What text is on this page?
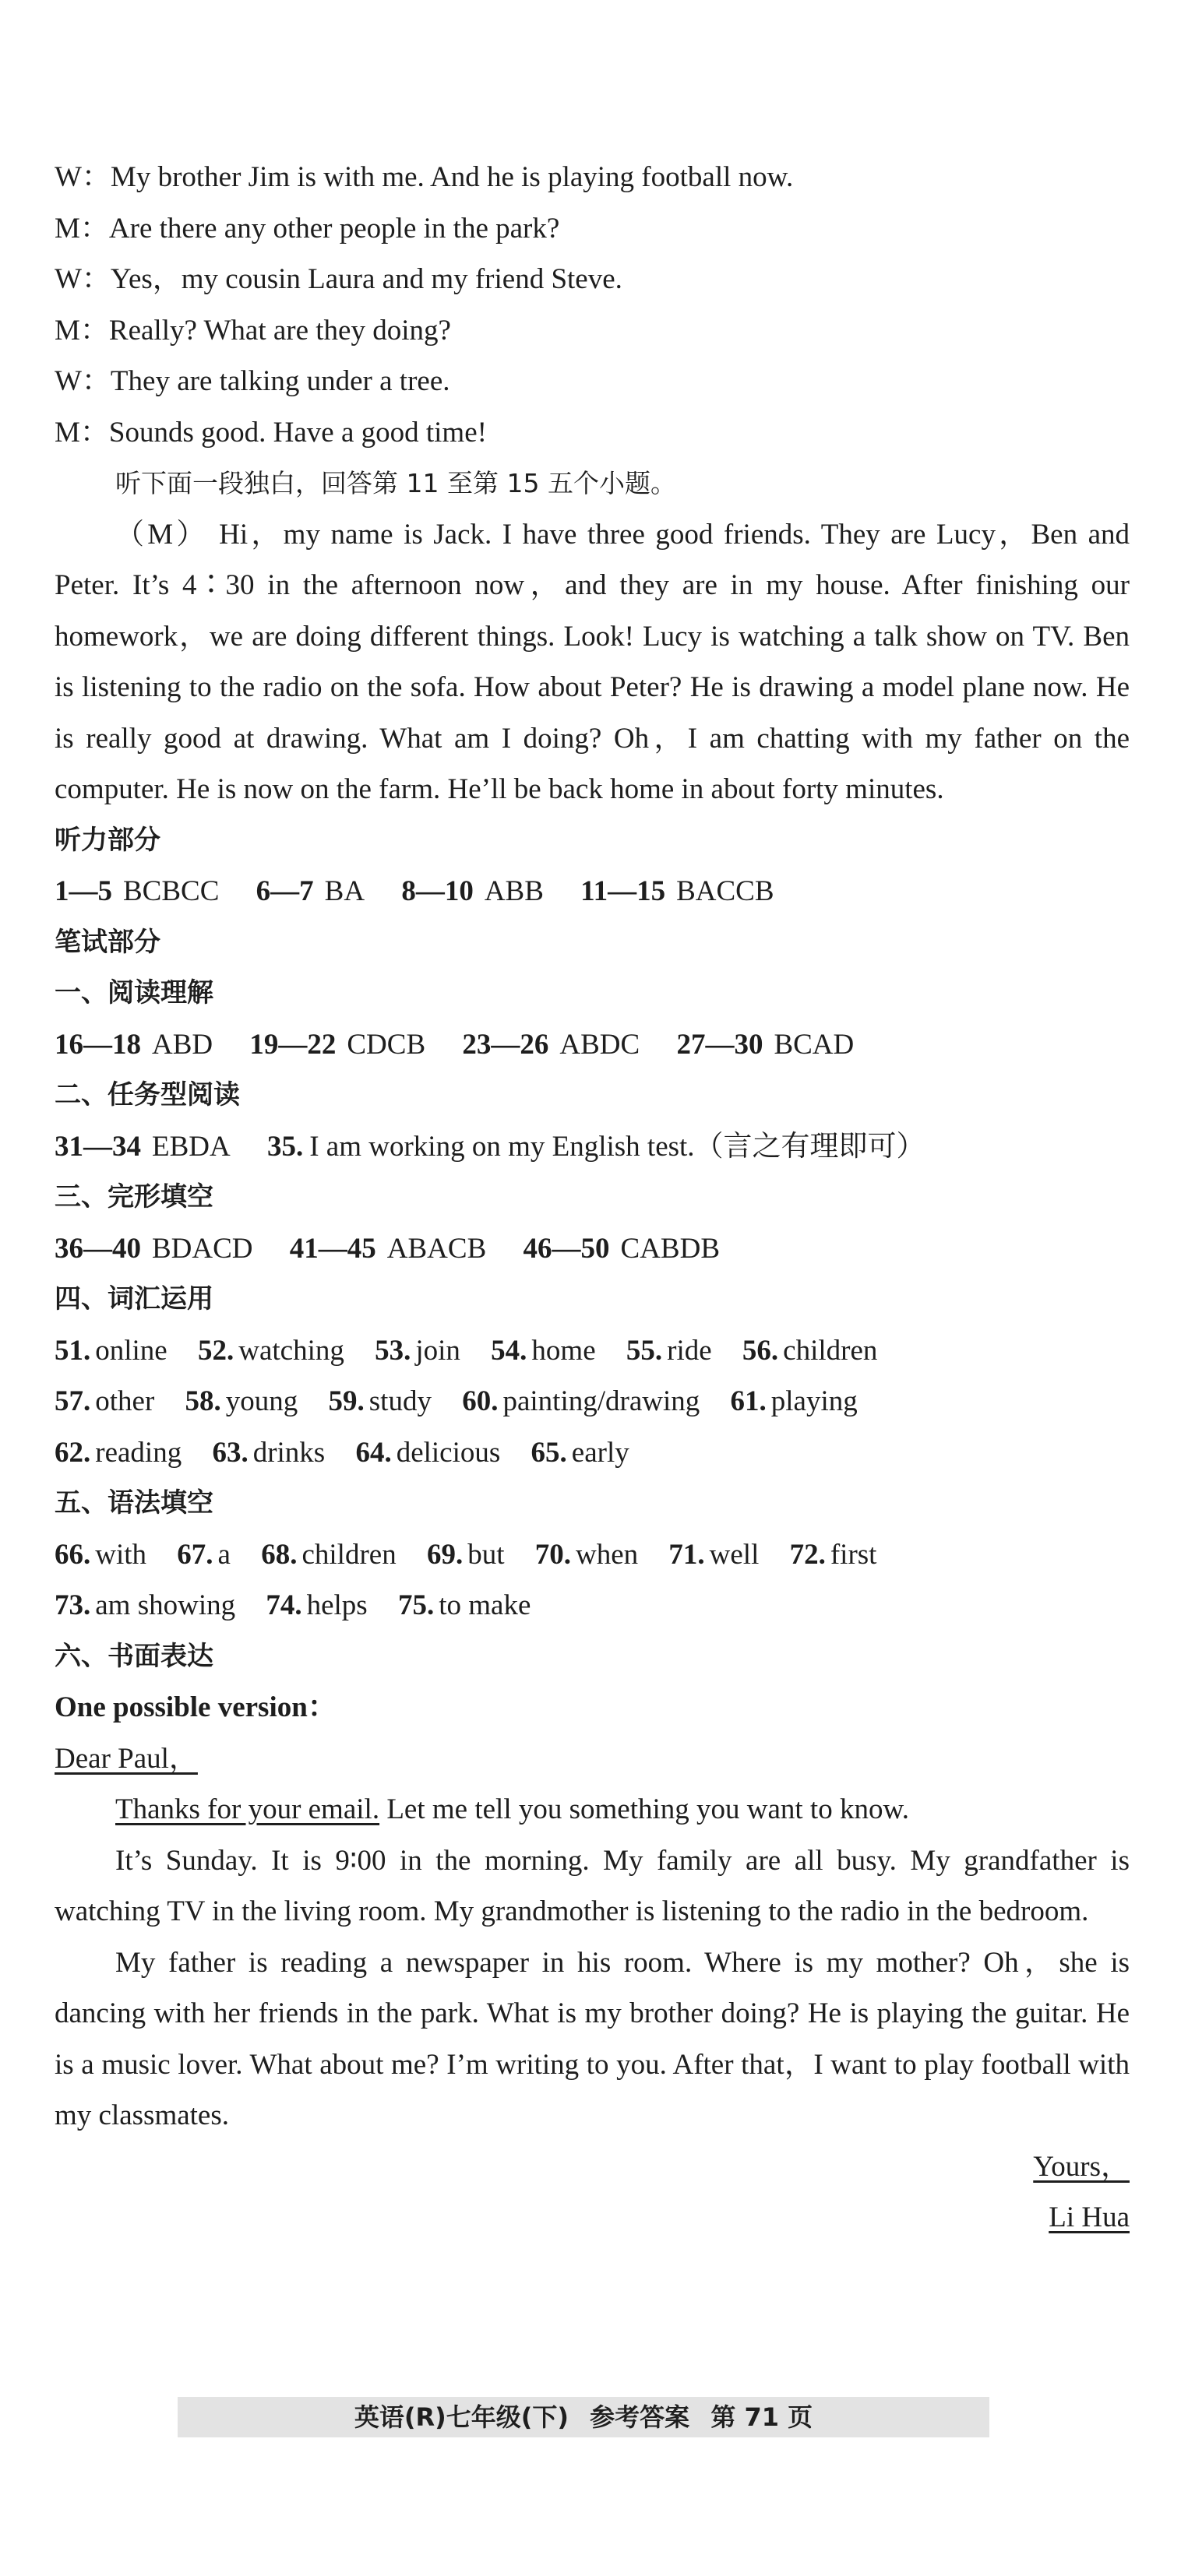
W：My brother Jim is with me. And he is playing football now.
M：Are there any other people in the park?
W：Yes，my cousin Laura and my friend Steve.
M：Really? What are they doing?
W：They are talking under a tree.
M：Sounds good. Have a good time!
听下面一段独白，回答第 11 至第 15 五个小题。
（M） Hi，my name is Jack. I have three good friends. They are Lucy，Ben and Peter. It’s 4∶30 in the afternoon now，and they are in my house. After finishing our homework，we are doing different things. Look! Lucy is watching a talk show on TV. Ben is listening to the radio on the sofa. How about Peter? He is drawing a model plane now. He is really good at drawing. What am I doing? Oh，I am chatting with my father on the computer. He is now on the farm. He’ll be back home in about forty minutes.
听力部分
1—5 BCBCC 6—7 BA 8—10 ABB 11—15 BACCB
笔试部分
一、阅读理解
16—18 ABD 19—22 CDCB 23—26 ABDC 27—30 BCAD
二、任务型阅读
31—34 EBDA 35. I am working on my English test.（言之有理即可）
三、完形填空
36—40 BDACD 41—45 ABACB 46—50 CABDB
四、词汇运用
51. online 52. watching 53. join 54. home 55. ride 56. children
57. other 58. young 59. study 60. painting/drawing 61. playing
62. reading 63. drinks 64. delicious 65. early
五、语法填空
66. with 67. a 68. children 69. but 70. when 71. well 72. first
73. am showing 74. helps 75. to make
六、书面表达
One possible version：
Dear Paul，
Thanks for your email. Let me tell you something you want to know.
It’s Sunday. It is 9∶00 in the morning. My family are all busy. My grandfather is watching TV in the living room. My grandmother is listening to the radio in the bedroom.
My father is reading a newspaper in his room. Where is my mother? Oh，she is dancing with her friends in the park. What is my brother doing? He is playing the guitar. He is a music lover. What about me? I’m writing to you. After that，I want to play football with my classmates.
Yours，
Li Hua
英语(R)七年级(下) 参考答案 第 71 页
